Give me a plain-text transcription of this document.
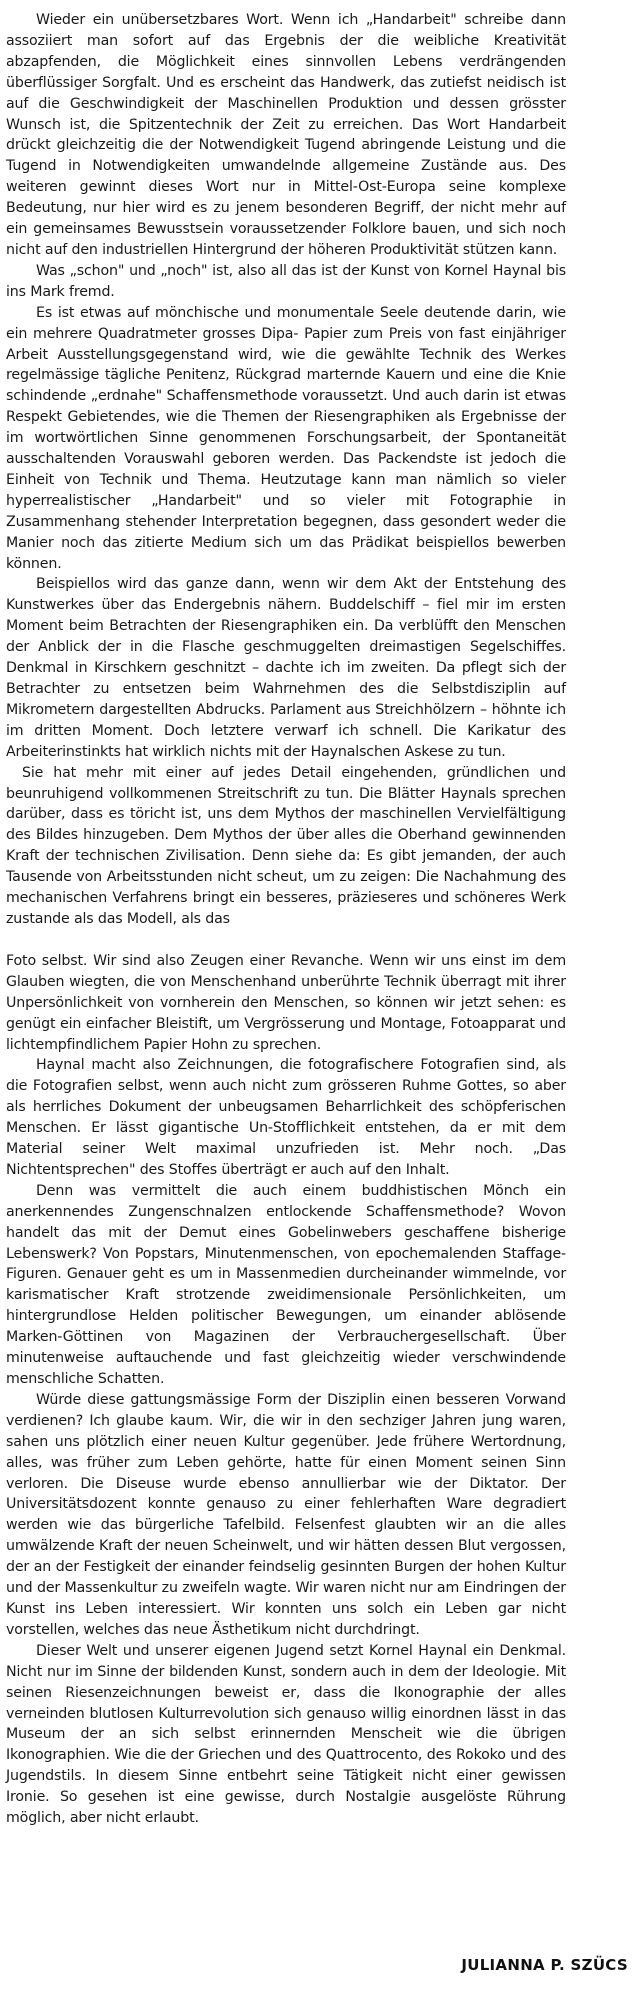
Wieder ein unübersetzbares Wort. Wenn ich „Handarbeit" schreibe dann assoziiert man sofort auf das Ergebnis der die weibliche Kreativität abzapfenden, die Möglichkeit eines sinnvollen Lebens verdrängenden überflüssiger Sorgfalt. Und es erscheint das Handwerk, das zutiefst neidisch ist auf die Geschwindigkeit der Maschinellen Produktion und dessen grösster Wunsch ist, die Spitzentechnik der Zeit zu erreichen. Das Wort Handarbeit drückt gleichzeitig die der Notwendigkeit Tugend abringende Leistung und die Tugend in Notwendigkeiten umwandelnde allgemeine Zustände aus. Des weiteren gewinnt dieses Wort nur in Mittel-Ost-Europa seine komplexe Bedeutung, nur hier wird es zu jenem besonderen Begriff, der nicht mehr auf ein gemeinsames Bewusstsein voraussetzender Folklore bauen, und sich noch nicht auf den industriellen Hintergrund der höheren Produktivität stützen kann.

Was „schon" und „noch" ist, also all das ist der Kunst von Kornel Haynal bis ins Mark fremd.

Es ist etwas auf mönchische und monumentale Seele deutende darin, wie ein mehrere Quadratmeter grosses Dipa- Papier zum Preis von fast einjähriger Arbeit Ausstellungsgegenstand wird, wie die gewählte Technik des Werkes regelmässige tägliche Penitenz, Rückgrad marternde Kauern und eine die Knie schindende „erdnahe" Schaffensmethode voraussetzt. Und auch darin ist etwas Respekt Gebietendes, wie die Themen der Riesengraphiken als Ergebnisse der im wortwörtlichen Sinne genommenen Forschungsarbeit, der Spontaneität ausschaltenden Vorauswahl geboren werden. Das Packendste ist jedoch die Einheit von Technik und Thema. Heutzutage kann man nämlich so vieler hyperrealistischer „Handarbeit" und so vieler mit Fotographie in Zusammenhang stehender Interpretation begegnen, dass gesondert weder die Manier noch das zitierte Medium sich um das Prädikat beispiellos bewerben können.

Beispiellos wird das ganze dann, wenn wir dem Akt der Entstehung des Kunstwerkes über das Endergebnis nähern. Buddelschiff – fiel mir im ersten Moment beim Betrachten der Riesengraphiken ein. Da verblüfft den Menschen der Anblick der in die Flasche geschmuggelten dreimastigen Segelschiffes. Denkmal in Kirschkern geschnitzt – dachte ich im zweiten. Da pflegt sich der Betrachter zu entsetzen beim Wahrnehmen des die Selbstdisziplin auf Mikrometern dargestellten Abdrucks. Parlament aus Streichhölzern – höhnte ich im dritten Moment. Doch letztere verwarf ich schnell. Die Karikatur des Arbeiterinstinkts hat wirklich nichts mit der Haynalschen Askese zu tun.

Sie hat mehr mit einer auf jedes Detail eingehenden, gründlichen und beunruhigend vollkommenen Streitschrift zu tun. Die Blätter Haynals sprechen darüber, dass es töricht ist, uns dem Mythos der maschinellen Vervielfältigung des Bildes hinzugeben. Dem Mythos der über alles die Oberhand gewinnenden Kraft der technischen Zivilisation. Denn siehe da: Es gibt jemanden, der auch Tausende von Arbeitsstunden nicht scheut, um zu zeigen: Die Nachahmung des mechanischen Verfahrens bringt ein besseres, präzieseres und schöneres Werk zustande als das Modell, als das

Foto selbst. Wir sind also Zeugen einer Revanche. Wenn wir uns einst im dem Glauben wiegten, die von Menschenhand unberührte Technik überragt mit ihrer Unpersönlichkeit von vornherein den Menschen, so können wir jetzt sehen: es genügt ein einfacher Bleistift, um Vergrösserung und Montage, Fotoapparat und lichtempfindlichem Papier Hohn zu sprechen.

Haynal macht also Zeichnungen, die fotografischere Fotografien sind, als die Fotografien selbst, wenn auch nicht zum grösseren Ruhme Gottes, so aber als herrliches Dokument der unbeugsamen Beharrlichkeit des schöpferischen Menschen. Er lässt gigantische Un-Stofflichkeit entstehen, da er mit dem Material seiner Welt maximal unzufrieden ist. Mehr noch. „Das Nichtentsprechen" des Stoffes überträgt er auch auf den Inhalt.

Denn was vermittelt die auch einem buddhistischen Mönch ein anerkennendes Zungenschnalzen entlockende Schaffensmethode? Wovon handelt das mit der Demut eines Gobelinwebers geschaffene bisherige Lebenswerk? Von Popstars, Minutenmenschen, von epochemalenden Staffage-Figuren. Genauer geht es um in Massenmedien durcheinander wimmelnde, vor karismatischer Kraft strotzende zweidimensionale Persönlichkeiten, um hintergrundlose Helden politischer Bewegungen, um einander ablösende Marken-Göttinen von Magazinen der Verbrauchergesellschaft. Über minutenweise auftauchende und fast gleichzeitig wieder verschwindende menschliche Schatten.

Würde diese gattungsmässige Form der Disziplin einen besseren Vorwand verdienen? Ich glaube kaum. Wir, die wir in den sechziger Jahren jung waren, sahen uns plötzlich einer neuen Kultur gegenüber. Jede frühere Wertordnung, alles, was früher zum Leben gehörte, hatte für einen Moment seinen Sinn verloren. Die Diseuse wurde ebenso annullierbar wie der Diktator. Der Universitätsdozent konnte genauso zu einer fehlerhaften Ware degradiert werden wie das bürgerliche Tafelbild. Felsenfest glaubten wir an die alles umwälzende Kraft der neuen Scheinwelt, und wir hätten dessen Blut vergossen, der an der Festigkeit der einander feindselig gesinnten Burgen der hohen Kultur und der Massenkultur zu zweifeln wagte. Wir waren nicht nur am Eindringen der Kunst ins Leben interessiert. Wir konnten uns solch ein Leben gar nicht vorstellen, welches das neue Ästhetikum nicht durchdringt.

Dieser Welt und unserer eigenen Jugend setzt Kornel Haynal ein Denkmal. Nicht nur im Sinne der bildenden Kunst, sondern auch in dem der Ideologie. Mit seinen Riesenzeichnungen beweist er, dass die Ikonographie der alles verneinden blutlosen Kulturrevolution sich genauso willig einordnen lässt in das Museum der an sich selbst erinnernden Menscheit wie die übrigen Ikonographien. Wie die der Griechen und des Quattrocento, des Rokoko und des Jugendstils. In diesem Sinne entbehrt seine Tätigkeit nicht einer gewissen Ironie. So gesehen ist eine gewisse, durch Nostalgie ausgelöste Rührung möglich, aber nicht erlaubt.

JULIANNA P. SZÜCS
